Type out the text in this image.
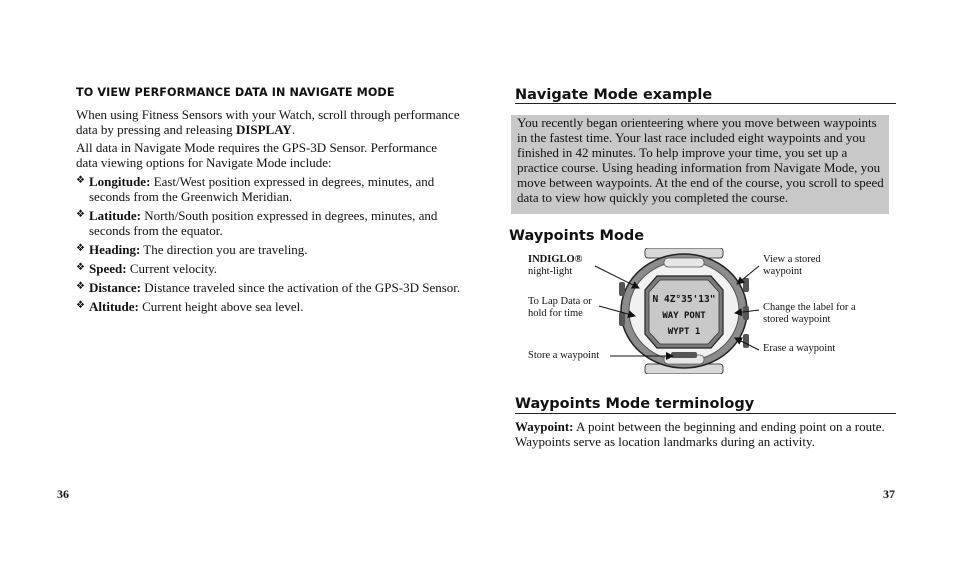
TO VIEW PERFORMANCE DATA IN NAVIGATE MODE
When using Fitness Sensors with your Watch, scroll through performance data by pressing and releasing DISPLAY.
All data in Navigate Mode requires the GPS-3D Sensor. Performance data viewing options for Navigate Mode include:
❖ Longitude: East/West position expressed in degrees, minutes, and seconds from the Greenwich Meridian.
❖ Latitude: North/South position expressed in degrees, minutes, and seconds from the equator.
❖ Heading: The direction you are traveling.
❖ Speed: Current velocity.
❖ Distance: Distance traveled since the activation of the GPS-3D Sensor.
❖ Altitude: Current height above sea level.
36
Navigate Mode example
You recently began orienteering where you move between waypoints in the fastest time. Your last race included eight waypoints and you finished in 42 minutes. To help improve your time, you set up a practice course. Using heading information from Navigate Mode, you move between waypoints. At the end of the course, you scroll to speed data to view how quickly you completed the course.
Waypoints Mode
N 4Z°35'13"
WAY PONT
WYPT 1
INDIGLO®
night-light
To Lap Data or hold for time
Store a waypoint
View a stored waypoint
Change the label for a stored waypoint
Erase a waypoint
Waypoints Mode terminology
Waypoint: A point between the beginning and ending point on a route. Waypoints serve as location landmarks during an activity.
37
